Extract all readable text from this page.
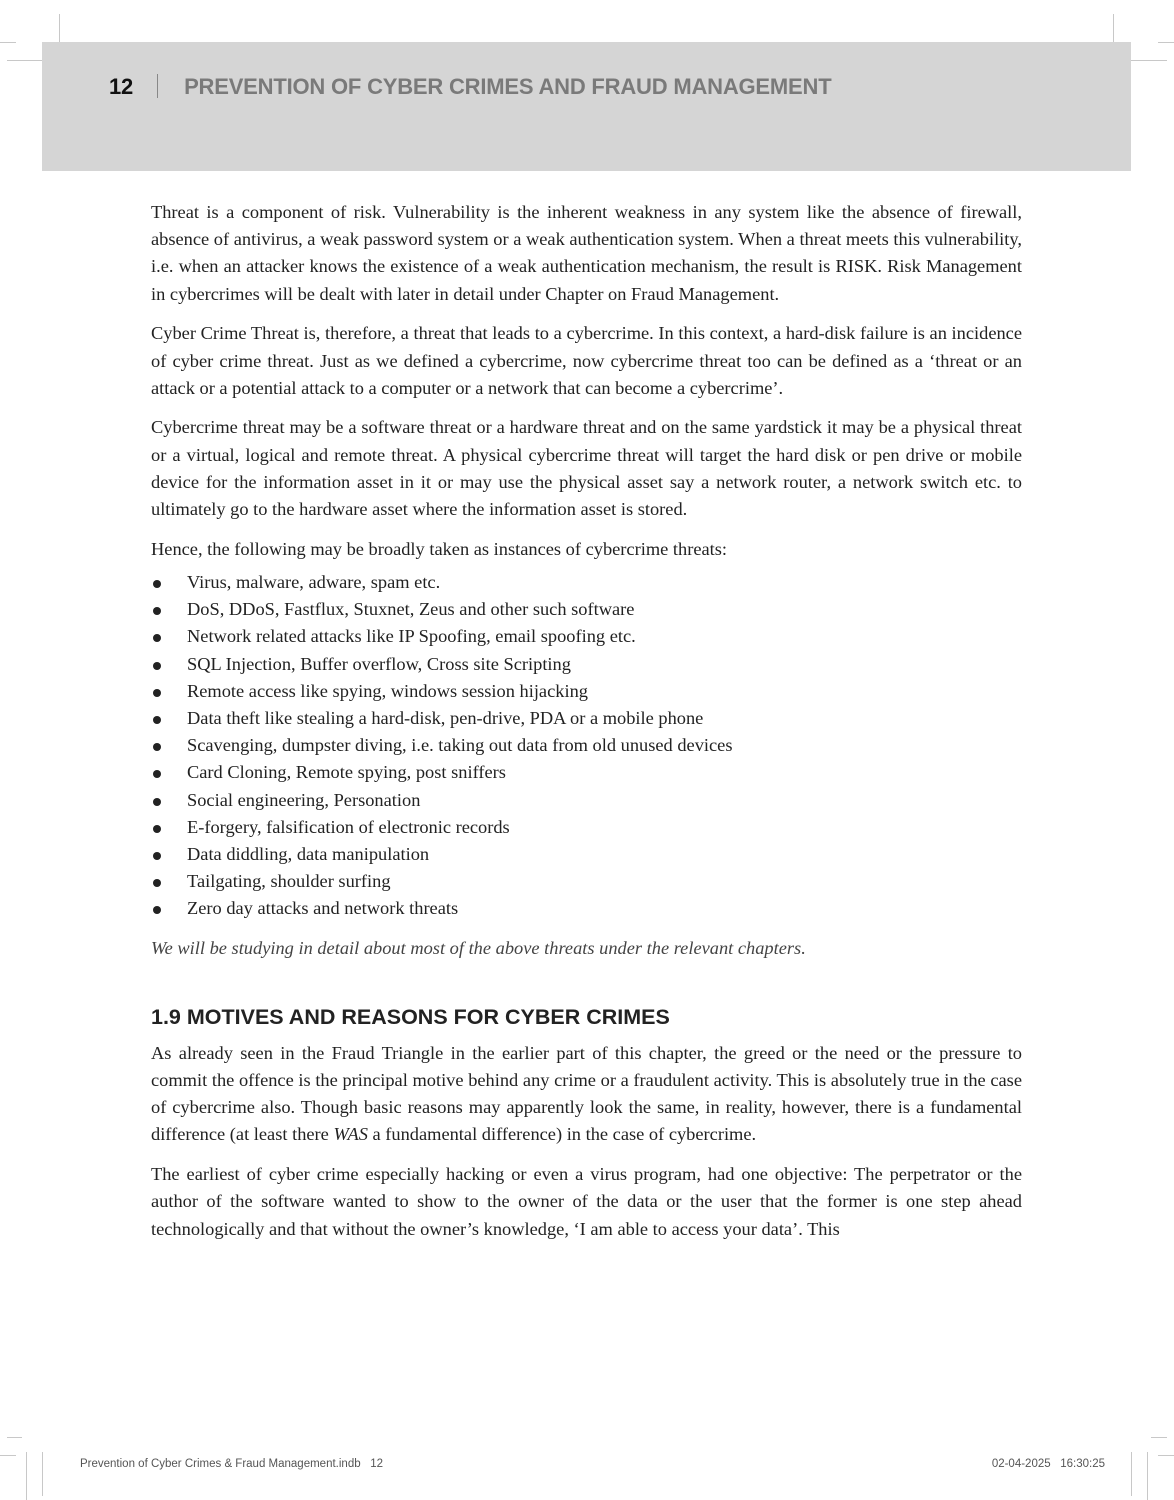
12 PREVENTION OF CYBER CRIMES AND FRAUD MANAGEMENT

Threat is a component of risk. Vulnerability is the inherent weakness in any system like the absence of firewall, absence of antivirus, a weak password system or a weak authentication system. When a threat meets this vulnerability, i.e. when an attacker knows the existence of a weak authentication mechanism, the result is RISK. Risk Management in cybercrimes will be dealt with later in detail under Chapter on Fraud Management.

Cyber Crime Threat is, therefore, a threat that leads to a cybercrime. In this context, a hard-disk failure is an incidence of cyber crime threat. Just as we defined a cybercrime, now cybercrime threat too can be defined as a ‘threat or an attack or a potential attack to a computer or a network that can become a cybercrime’.

Cybercrime threat may be a software threat or a hardware threat and on the same yardstick it may be a physical threat or a virtual, logical and remote threat. A physical cybercrime threat will target the hard disk or pen drive or mobile device for the information asset in it or may use the physical asset say a network router, a network switch etc. to ultimately go to the hardware asset where the information asset is stored.

Hence, the following may be broadly taken as instances of cybercrime threats:

Virus, malware, adware, spam etc.
DoS, DDoS, Fastflux, Stuxnet, Zeus and other such software
Network related attacks like IP Spoofing, email spoofing etc.
SQL Injection, Buffer overflow, Cross site Scripting
Remote access like spying, windows session hijacking
Data theft like stealing a hard-disk, pen-drive, PDA or a mobile phone
Scavenging, dumpster diving, i.e. taking out data from old unused devices
Card Cloning, Remote spying, post sniffers
Social engineering, Personation
E-forgery, falsification of electronic records
Data diddling, data manipulation
Tailgating, shoulder surfing
Zero day attacks and network threats

We will be studying in detail about most of the above threats under the relevant chapters.

1.9 MOTIVES AND REASONS FOR CYBER CRIMES

As already seen in the Fraud Triangle in the earlier part of this chapter, the greed or the need or the pressure to commit the offence is the principal motive behind any crime or a fraudulent activity. This is absolutely true in the case of cybercrime also. Though basic reasons may apparently look the same, in reality, however, there is a fundamental difference (at least there WAS a fundamental difference) in the case of cybercrime.

The earliest of cyber crime especially hacking or even a virus program, had one objective: The perpetrator or the author of the software wanted to show to the owner of the data or the user that the former is one step ahead technologically and that without the owner’s knowledge, ‘I am able to access your data’. This

Prevention of Cyber Crimes & Fraud Management.indb   12	02-04-2025   16:30:25
